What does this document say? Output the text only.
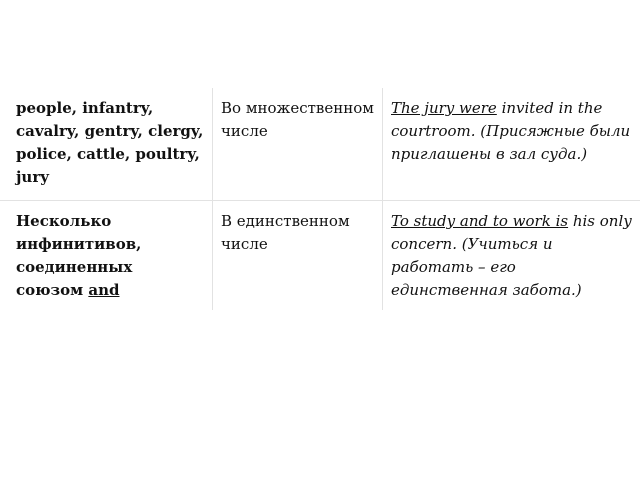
people, infantry, cavalry, gentry, clergy, police, cattle, poultry, jury
Во множественном числе
The jury were invited in the courtroom. (Присяжные были приглашены в зал суда.)
Несколько инфинитивов, соединенных союзом and
В единственном числе
To study and to work is his only concern. (Учиться и работать – его единственная забота.)
